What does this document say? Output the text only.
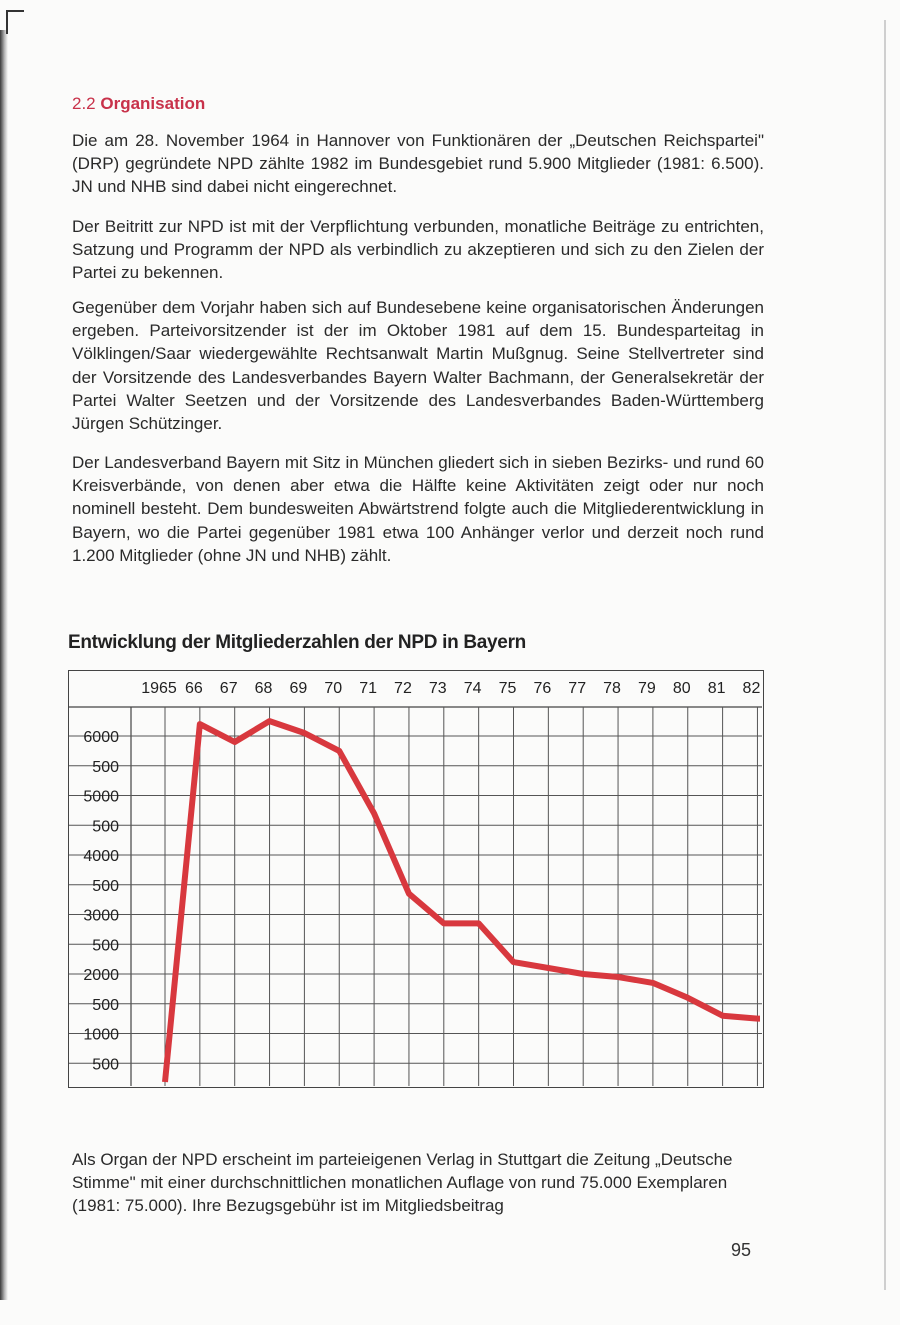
2.2 Organisation
Die am 28. November 1964 in Hannover von Funktionären der „Deutschen Reichspartei" (DRP) gegründete NPD zählte 1982 im Bundesgebiet rund 5.900 Mitglieder (1981: 6.500). JN und NHB sind dabei nicht eingerechnet.
Der Beitritt zur NPD ist mit der Verpflichtung verbunden, monatliche Beiträge zu entrichten, Satzung und Programm der NPD als verbindlich zu akzeptieren und sich zu den Zielen der Partei zu bekennen.
Gegenüber dem Vorjahr haben sich auf Bundesebene keine organisatorischen Änderungen ergeben. Parteivorsitzender ist der im Oktober 1981 auf dem 15. Bundesparteitag in Völklingen/Saar wiedergewählte Rechtsanwalt Martin Mußgnug. Seine Stellvertreter sind der Vorsitzende des Landesverbandes Bayern Walter Bachmann, der Generalsekretär der Partei Walter Seetzen und der Vorsitzende des Landesverbandes Baden-Württemberg Jürgen Schützinger.
Der Landesverband Bayern mit Sitz in München gliedert sich in sieben Bezirks- und rund 60 Kreisverbände, von denen aber etwa die Hälfte keine Aktivitäten zeigt oder nur noch nominell besteht. Dem bundesweiten Abwärtstrend folgte auch die Mitgliederentwicklung in Bayern, wo die Partei gegenüber 1981 etwa 100 Anhänger verlor und derzeit noch rund 1.200 Mitglieder (ohne JN und NHB) zählt.
Entwicklung der Mitgliederzahlen der NPD in Bayern
1965 66 67 68 69 70 71 72 73 74 75 76 77 78 79 80 81 82
6000
500
5000
500
4000
500
3000
500
2000
500
1000
500
Als Organ der NPD erscheint im parteieigenen Verlag in Stuttgart die Zeitung „Deutsche Stimme" mit einer durchschnittlichen monatlichen Auflage von rund 75.000 Exemplaren (1981: 75.000). Ihre Bezugsgebühr ist im Mitgliedsbeitrag
95
